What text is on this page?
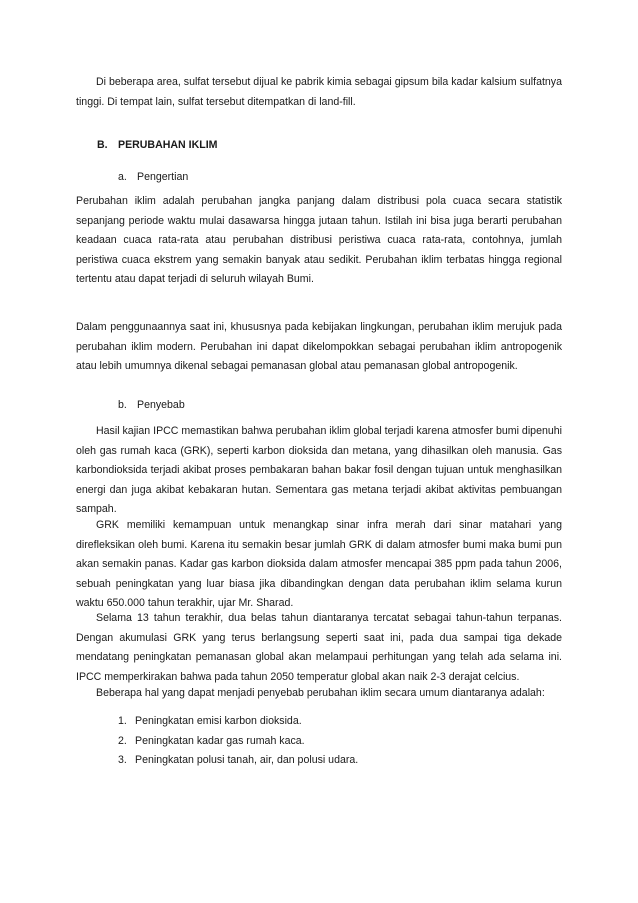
Di beberapa area, sulfat tersebut dijual ke pabrik kimia sebagai gipsum bila kadar kalsium sulfatnya tinggi. Di tempat lain, sulfat tersebut ditempatkan di land-fill.

B. PERUBAHAN IKLIM

a. Pengertian

Perubahan iklim adalah perubahan jangka panjang dalam distribusi pola cuaca secara statistik sepanjang periode waktu mulai dasawarsa hingga jutaan tahun. Istilah ini bisa juga berarti perubahan keadaan cuaca rata-rata atau perubahan distribusi peristiwa cuaca rata-rata, contohnya, jumlah peristiwa cuaca ekstrem yang semakin banyak atau sedikit. Perubahan iklim terbatas hingga regional tertentu atau dapat terjadi di seluruh wilayah Bumi.

Dalam penggunaannya saat ini, khususnya pada kebijakan lingkungan, perubahan iklim merujuk pada perubahan iklim modern. Perubahan ini dapat dikelompokkan sebagai perubahan iklim antropogenik atau lebih umumnya dikenal sebagai pemanasan global atau pemanasan global antropogenik.

b. Penyebab

Hasil kajian IPCC memastikan bahwa perubahan iklim global terjadi karena atmosfer bumi dipenuhi oleh gas rumah kaca (GRK), seperti karbon dioksida dan metana, yang dihasilkan oleh manusia. Gas karbondioksida terjadi akibat proses pembakaran bahan bakar fosil dengan tujuan untuk menghasilkan energi dan juga akibat kebakaran hutan. Sementara gas metana terjadi akibat aktivitas pembuangan sampah.

GRK memiliki kemampuan untuk menangkap sinar infra merah dari sinar matahari yang direfleksikan oleh bumi. Karena itu semakin besar jumlah GRK di dalam atmosfer bumi maka bumi pun akan semakin panas. Kadar gas karbon dioksida dalam atmosfer mencapai 385 ppm pada tahun 2006, sebuah peningkatan yang luar biasa jika dibandingkan dengan data perubahan iklim selama kurun waktu 650.000 tahun terakhir, ujar Mr. Sharad.

Selama 13 tahun terakhir, dua belas tahun diantaranya tercatat sebagai tahun-tahun terpanas. Dengan akumulasi GRK yang terus berlangsung seperti saat ini, pada dua sampai tiga dekade mendatang peningkatan pemanasan global akan melampaui perhitungan yang telah ada selama ini. IPCC memperkirakan bahwa pada tahun 2050 temperatur global akan naik 2-3 derajat celcius.

Beberapa hal yang dapat menjadi penyebab perubahan iklim secara umum diantaranya adalah:

1. Peningkatan emisi karbon dioksida.
2. Peningkatan kadar gas rumah kaca.
3. Peningkatan polusi tanah, air, dan polusi udara.
